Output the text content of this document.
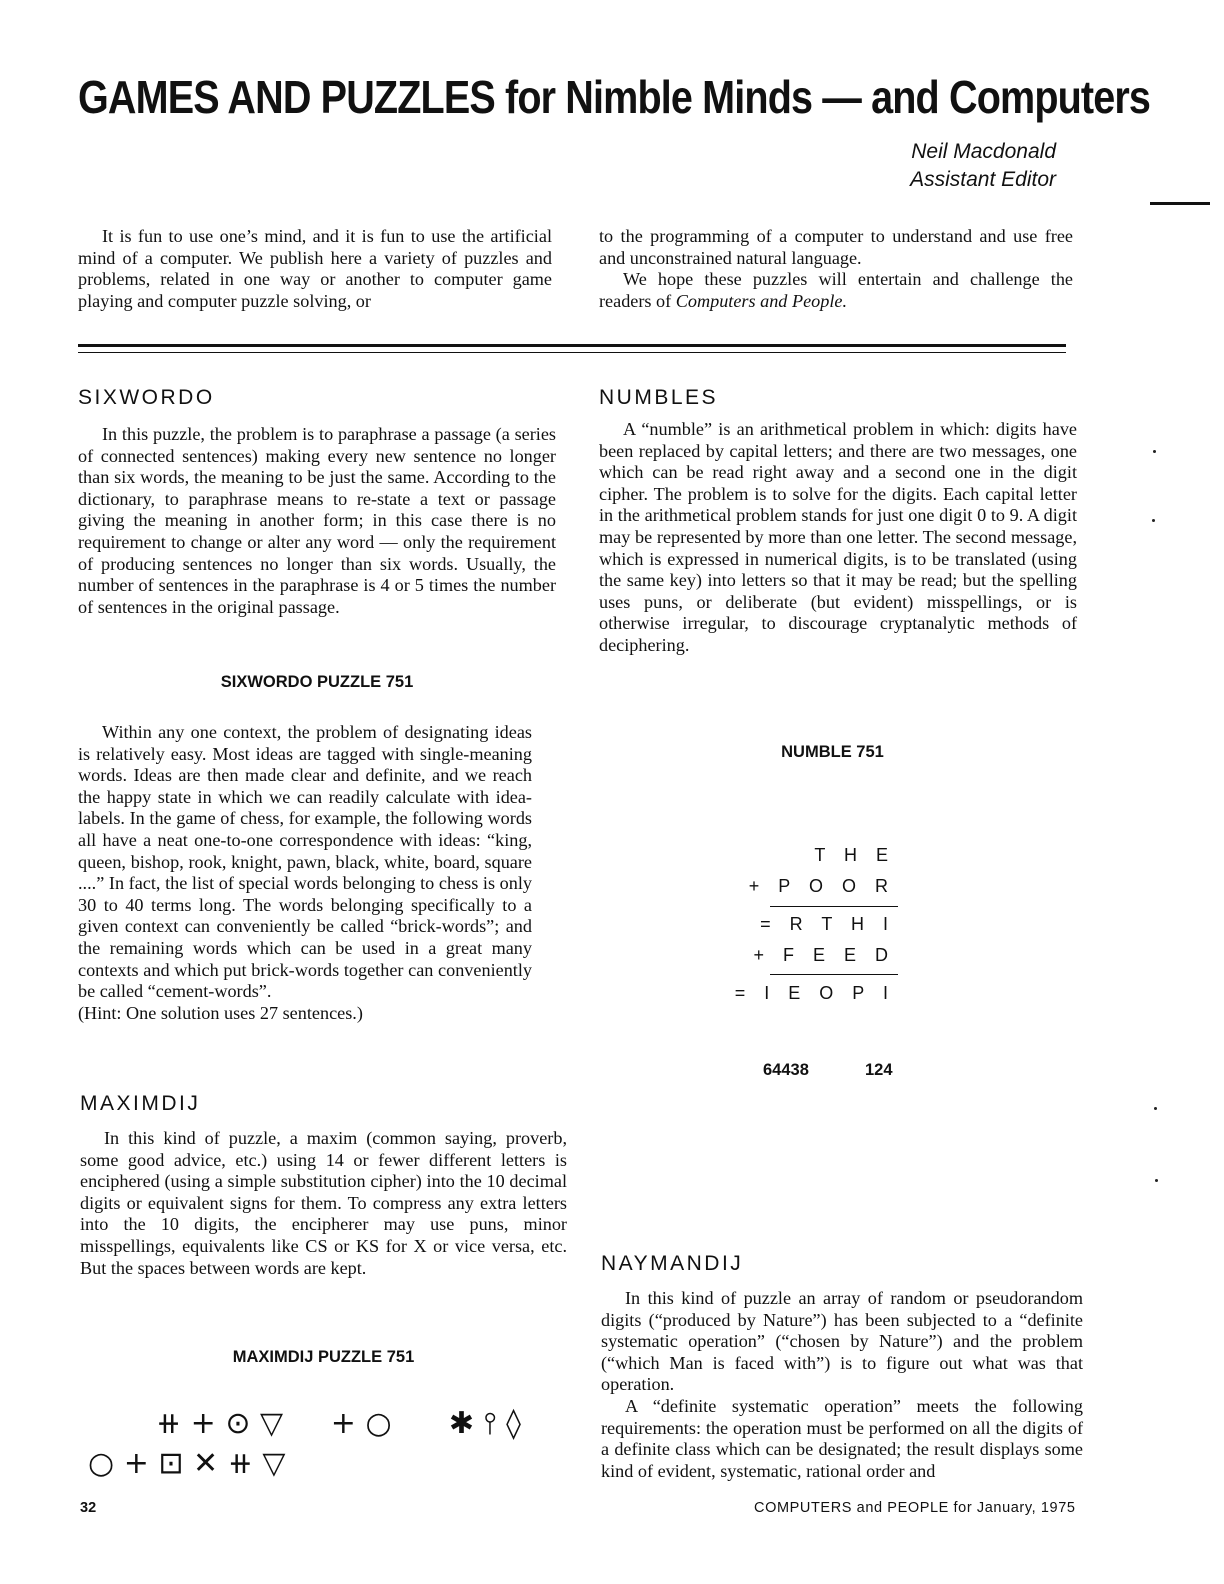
GAMES AND PUZZLES for Nimble Minds — and Computers
Neil Macdonald
Assistant Editor

It is fun to use one’s mind, and it is fun to use the artificial mind of a computer. We publish here a variety of puzzles and problems, related in one way or another to computer game playing and computer puzzle solving, or

to the programming of a computer to understand and use free and unconstrained natural language.

We hope these puzzles will entertain and challenge the readers of Computers and People.

SIXWORDO

In this puzzle, the problem is to paraphrase a passage (a series of connected sentences) making every new sentence no longer than six words, the meaning to be just the same. According to the dictionary, to paraphrase means to re-state a text or passage giving the meaning in another form; in this case there is no requirement to change or alter any word — only the requirement of producing sentences no longer than six words. Usually, the number of sentences in the paraphrase is 4 or 5 times the number of sentences in the original passage.

SIXWORDO PUZZLE 751

Within any one context, the problem of designating ideas is relatively easy. Most ideas are tagged with single-meaning words. Ideas are then made clear and definite, and we reach the happy state in which we can readily calculate with idea-labels. In the game of chess, for example, the following words all have a neat one-to-one correspondence with ideas: “king, queen, bishop, rook, knight, pawn, black, white, board, square ....” In fact, the list of special words belonging to chess is only 30 to 40 terms long. The words belonging specifically to a given context can conveniently be called “brick-words”; and the remaining words which can be used in a great many contexts and which put brick-words together can conveniently be called “cement-words”.

(Hint: One solution uses 27 sentences.)

MAXIMDIJ

In this kind of puzzle, a maxim (common saying, proverb, some good advice, etc.) using 14 or fewer different letters is enciphered (using a simple substitution cipher) into the 10 decimal digits or equivalent signs for them. To compress any extra letters into the 10 digits, the encipherer may use puns, minor misspellings, equivalents like CS or KS for X or vice versa, etc. But the spaces between words are kept.

MAXIMDIJ PUZZLE 751
⧺ + ⊙ ▽     + ○      ✱ ⫯ ◊
○ + ⊡ ✕ ⧺ ▽
NUMBLES

A “numble” is an arithmetical problem in which: digits have been replaced by capital letters; and there are two messages, one which can be read right away and a second one in the digit cipher. The problem is to solve for the digits. Each capital letter in the arithmetical problem stands for just one digit 0 to 9. A digit may be represented by more than one letter. The second message, which is expressed in numerical digits, is to be translated (using the same key) into letters so that it may be read; but the spelling uses puns, or deliberate (but evident) misspellings, or is otherwise irregular, to discourage cryptanalytic methods of deciphering.

NUMBLE 751
T H E
+ P O O R
= R T H I
+ F E E D
= I E O P I
64438	124
NAYMANDIJ

In this kind of puzzle an array of random or pseudorandom digits (“produced by Nature”) has been subjected to a “definite systematic operation” (“chosen by Nature”) and the problem (“which Man is faced with”) is to figure out what was that operation.

A “definite systematic operation” meets the following requirements: the operation must be performed on all the digits of a definite class which can be designated; the result displays some kind of evident, systematic, rational order and

32	COMPUTERS and PEOPLE for January, 1975
